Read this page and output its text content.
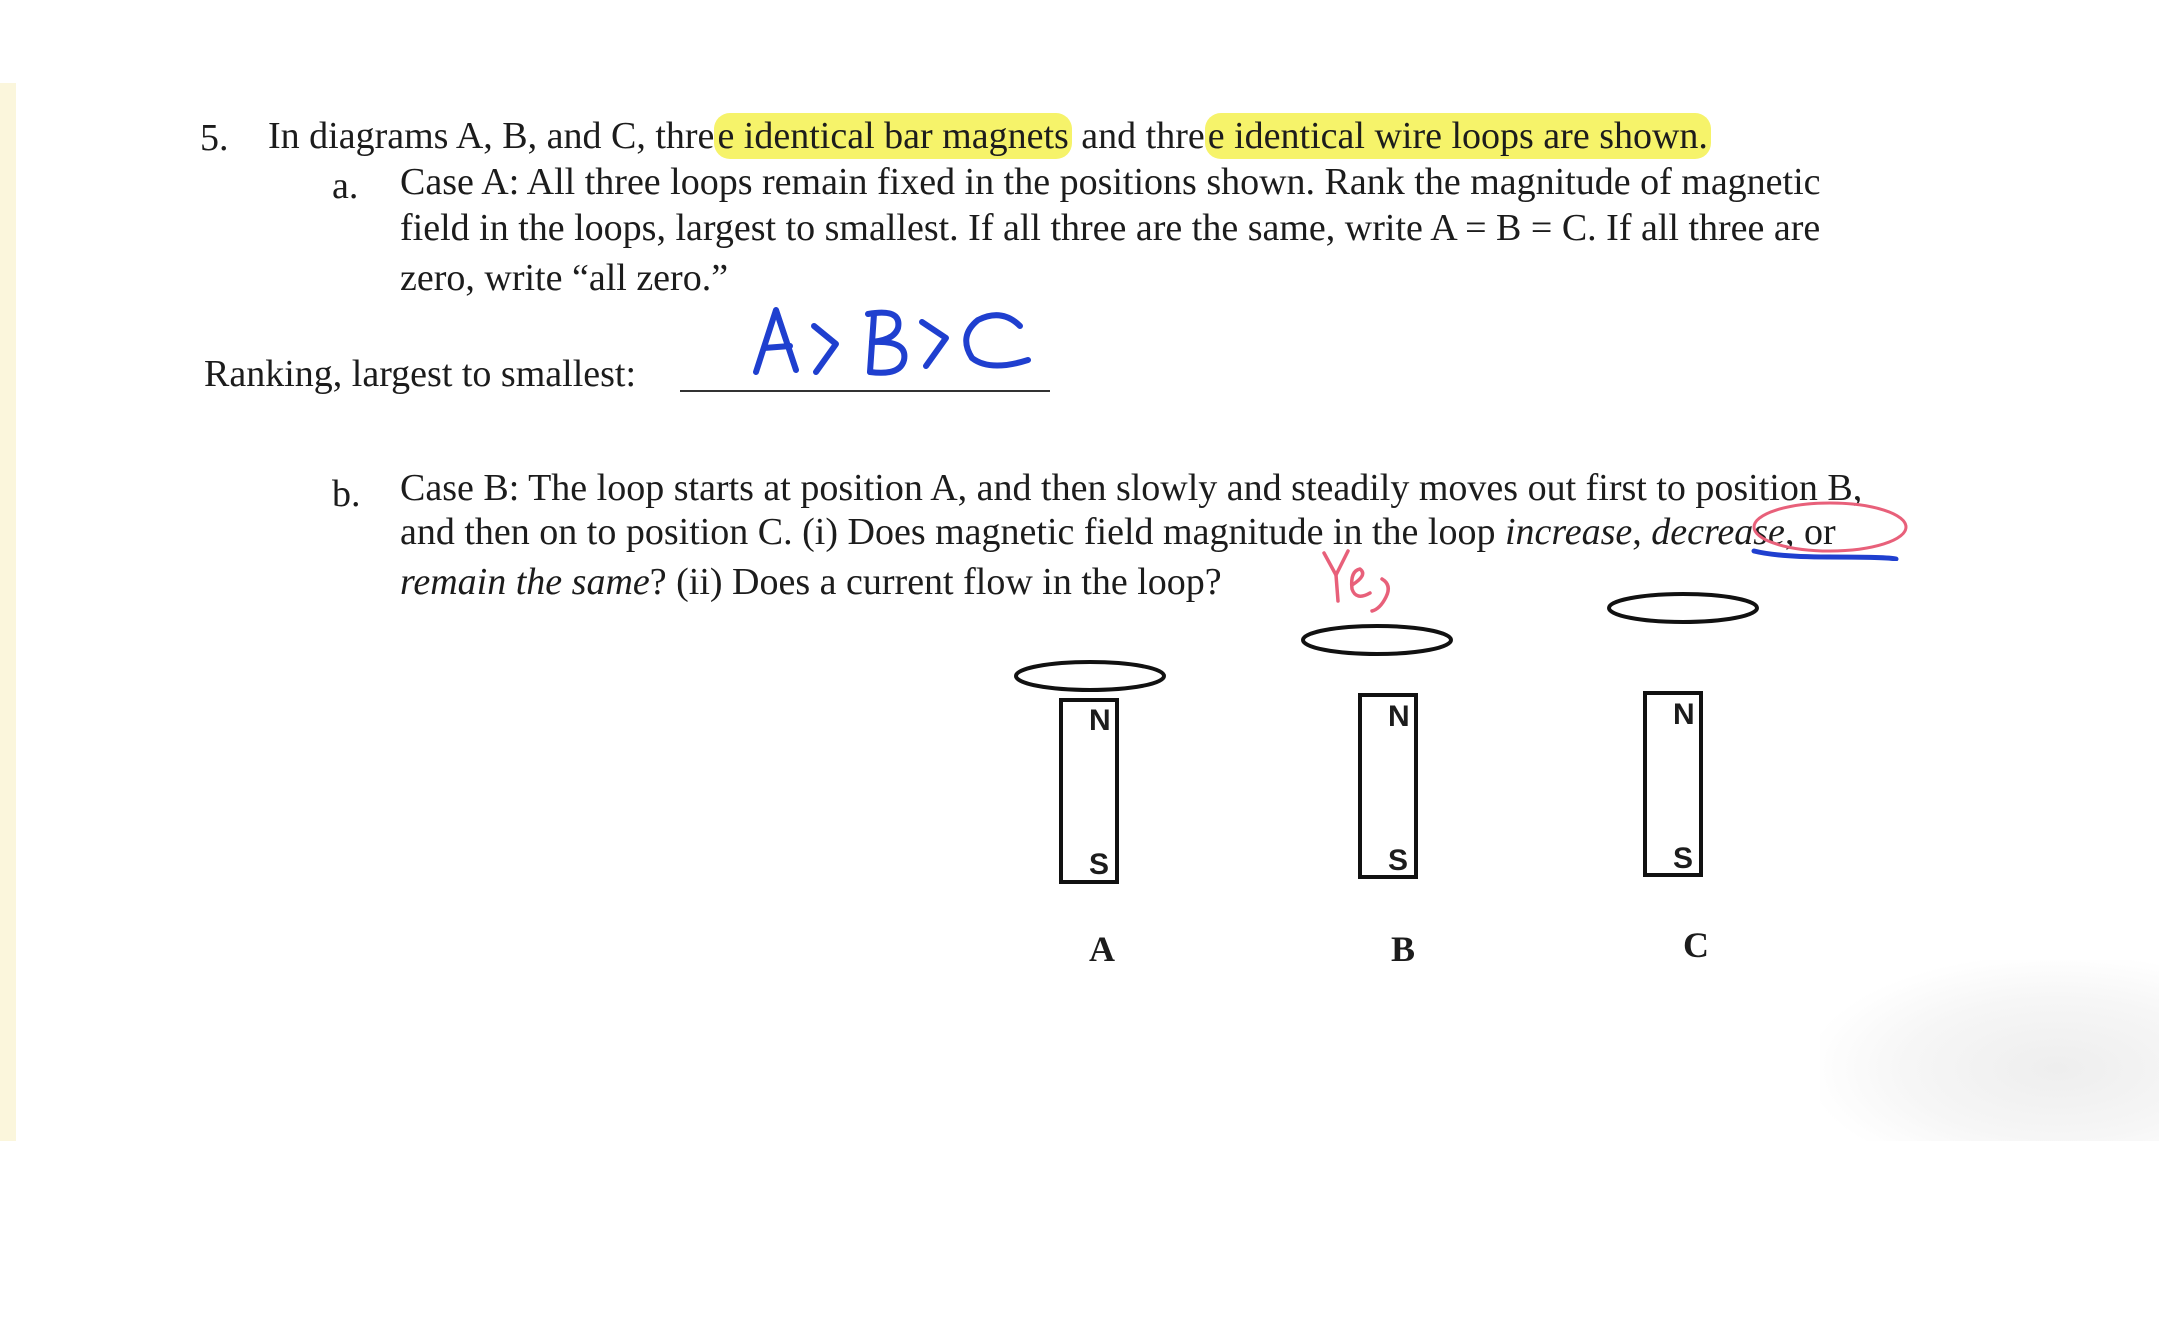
5. In diagrams A, B, and C, three identical bar magnets and three identical wire loops are shown.
a. Case A: All three loops remain fixed in the positions shown. Rank the magnitude of magnetic
field in the loops, largest to smallest. If all three are the same, write A = B = C. If all three are
zero, write “all zero.”
Ranking, largest to smallest:
b. Case B: The loop starts at position A, and then slowly and steadily moves out first to position B,
and then on to position C. (i) Does magnetic field magnitude in the loop increase, decrease, or
remain the same? (ii) Does a current flow in the loop?
N
S
N
S
N
S
A	B	C
